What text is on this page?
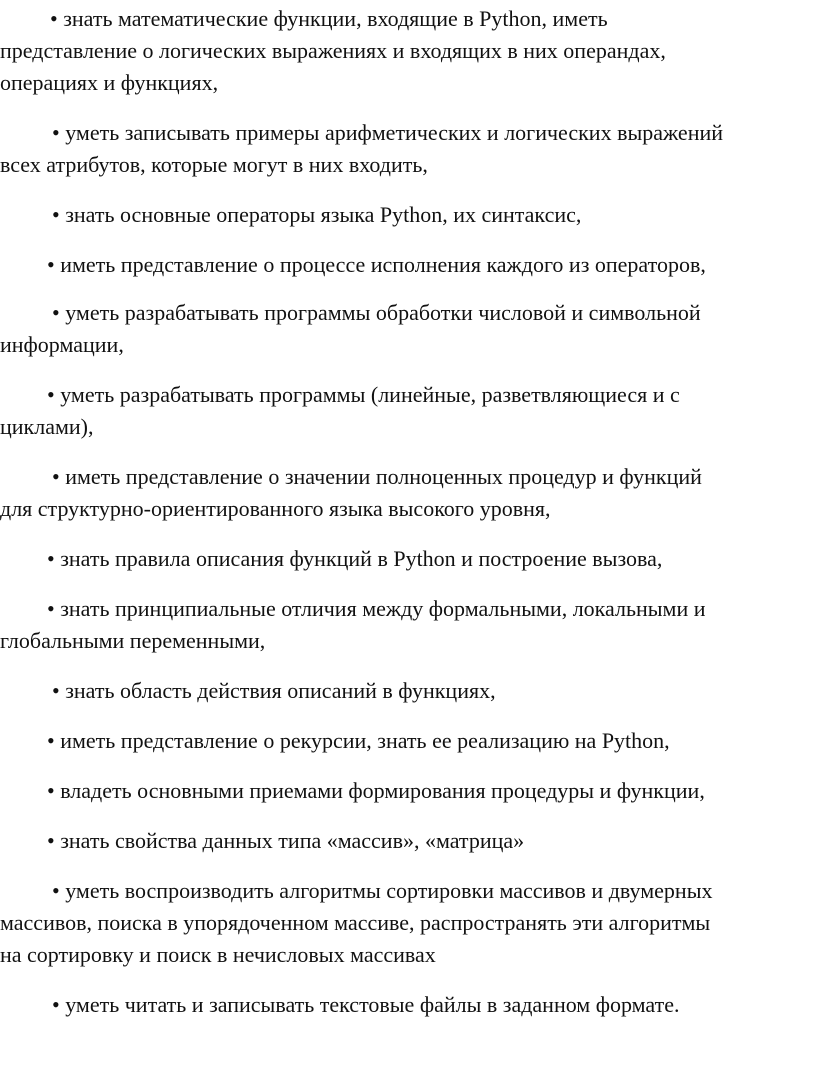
• знать математические функции, входящие в Python, иметь
представление о логических выражениях и входящих в них операндах,
операциях и функциях,
• уметь записывать примеры арифметических и логических выражений
всех атрибутов, которые могут в них входить,
• знать основные операторы языка Python, их синтаксис,
• иметь представление о процессе исполнения каждого из операторов,
• уметь разрабатывать программы обработки числовой и символьной
информации,
• уметь разрабатывать программы (линейные, разветвляющиеся и с
циклами),
• иметь представление о значении полноценных процедур и функций
для структурно-ориентированного языка высокого уровня,
• знать правила описания функций в Python и построение вызова,
• знать принципиальные отличия между формальными, локальными и
глобальными переменными,
• знать область действия описаний в функциях,
• иметь представление о рекурсии, знать ее реализацию на Python,
• владеть основными приемами формирования процедуры и функции,
• знать свойства данных типа «массив», «матрица»
• уметь воспроизводить алгоритмы сортировки массивов и двумерных
массивов, поиска в упорядоченном массиве, распространять эти алгоритмы
на сортировку и поиск в нечисловых массивах
• уметь читать и записывать текстовые файлы в заданном формате.
